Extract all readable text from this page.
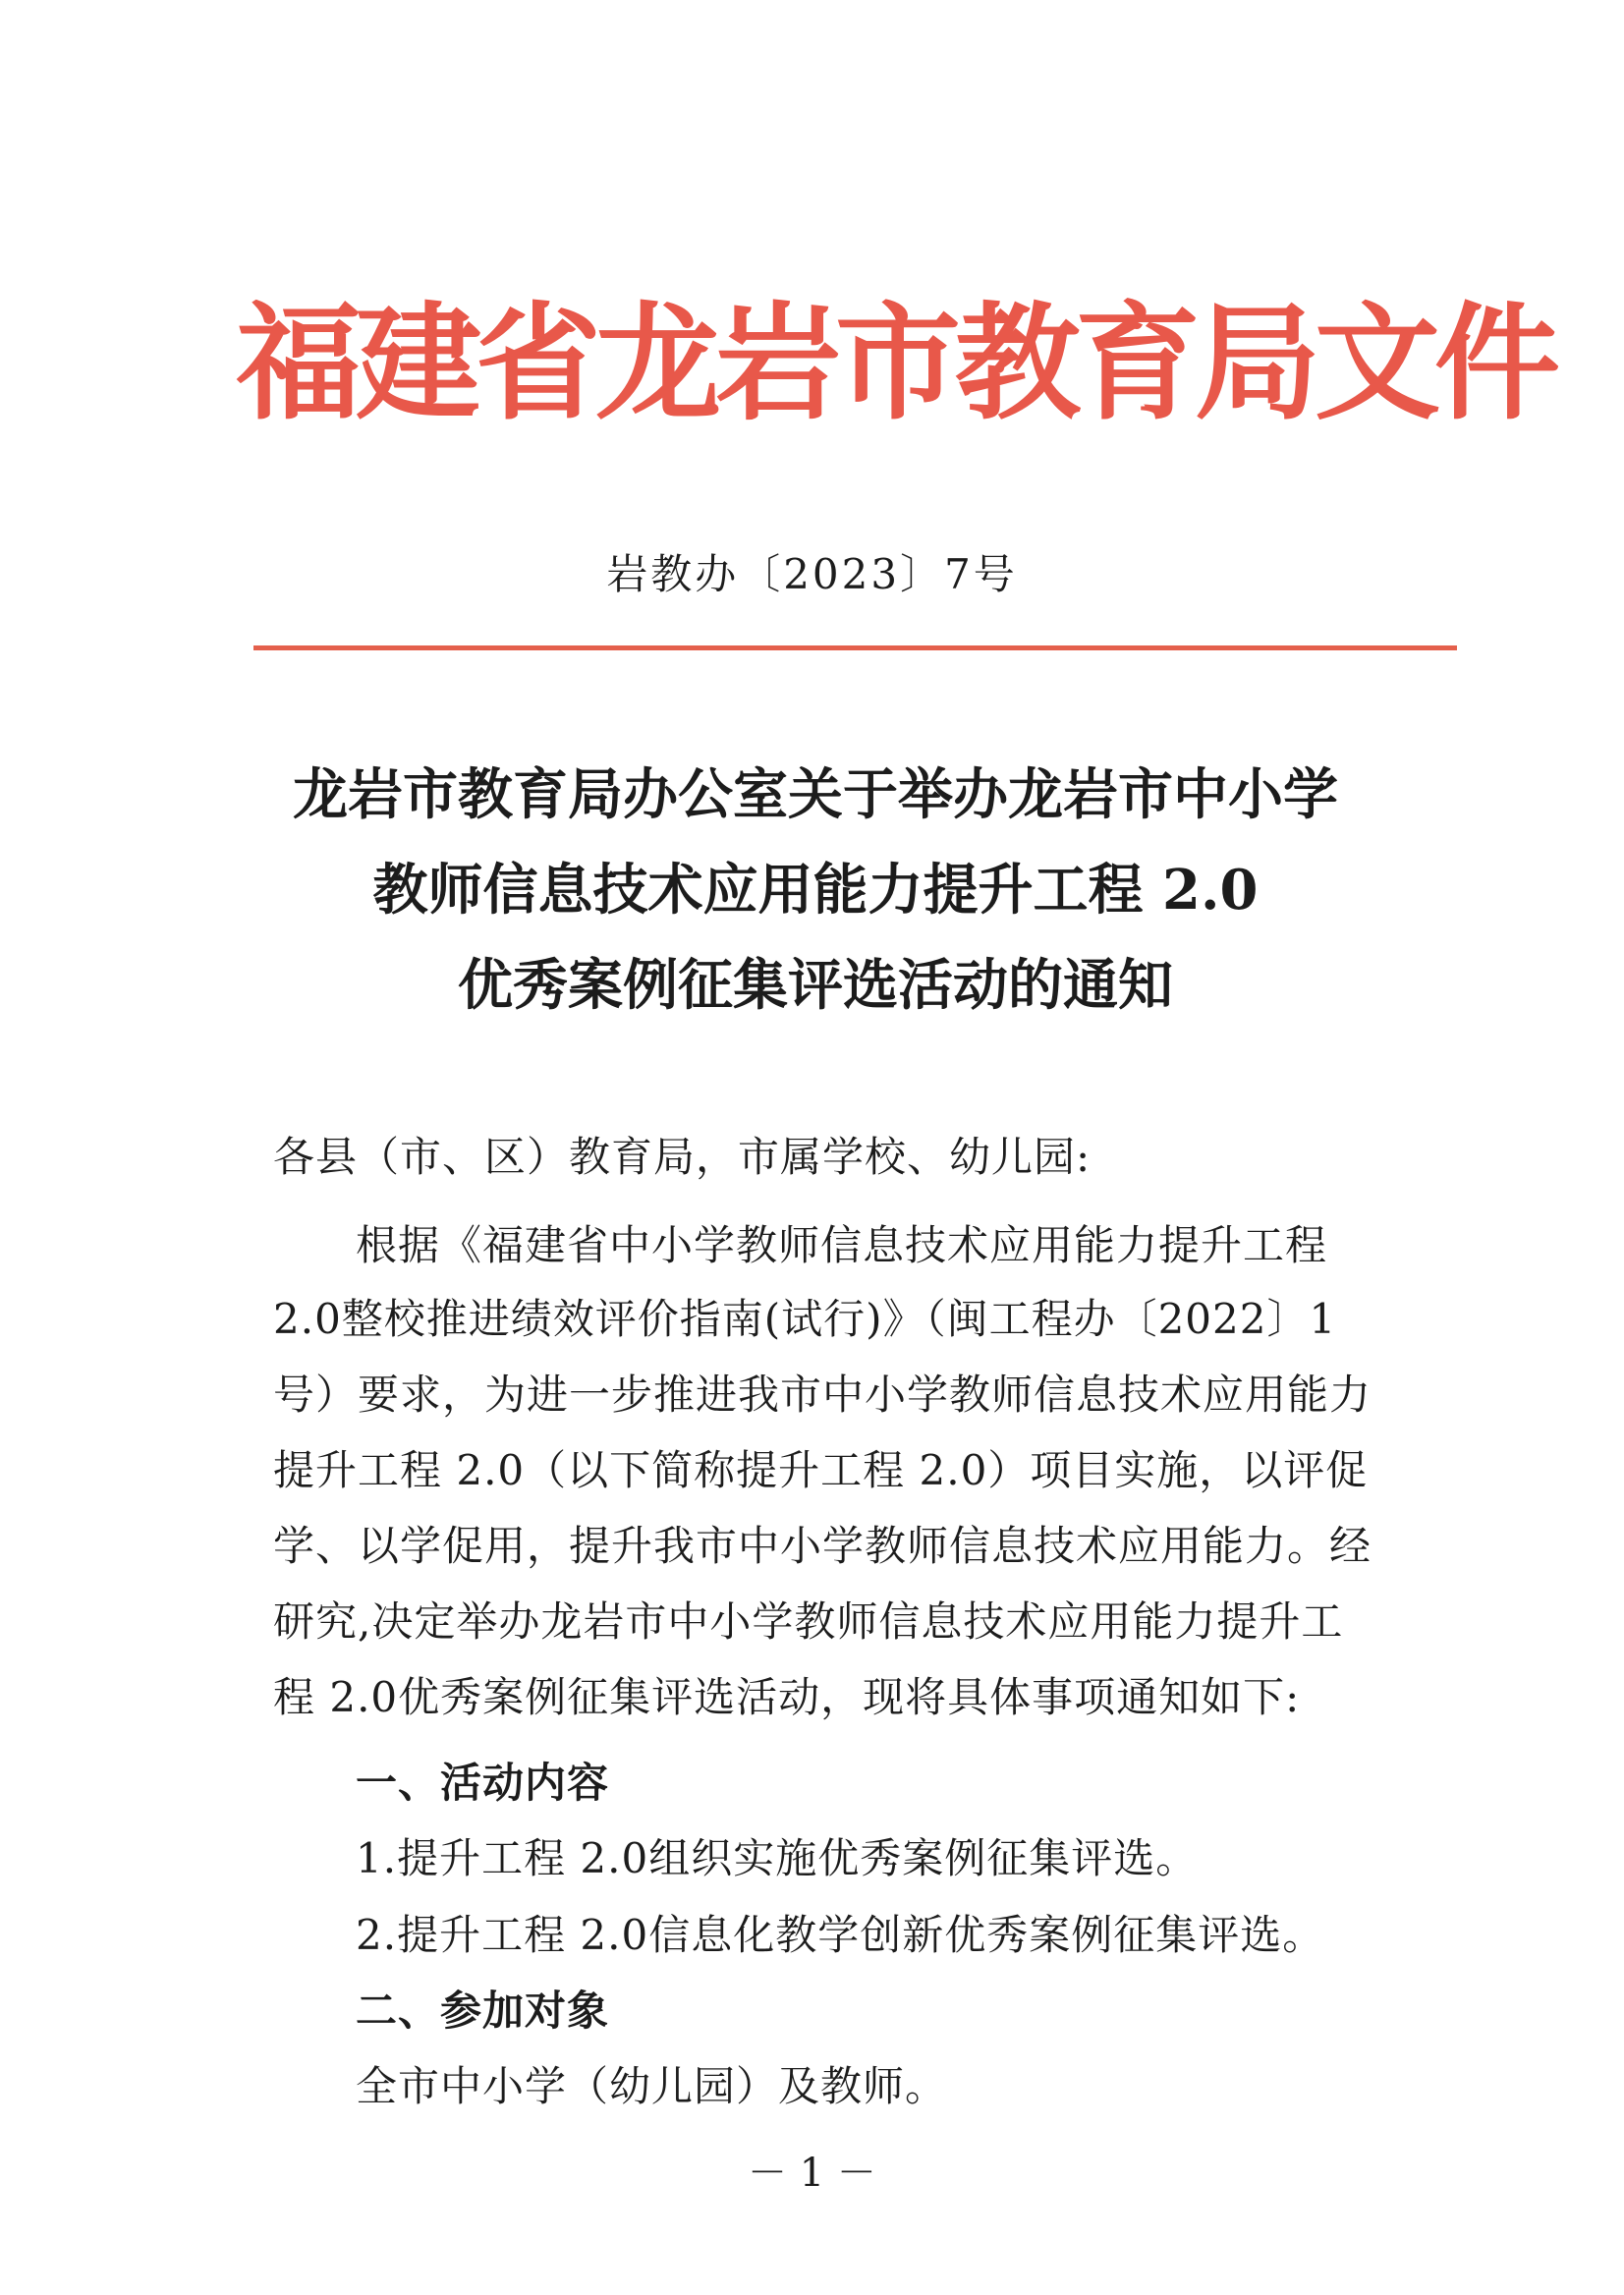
福建省龙岩市教育局文件
岩教办〔2023〕7号
龙岩市教育局办公室关于举办龙岩市中小学
教师信息技术应用能力提升工程 2.0
优秀案例征集评选活动的通知
各县（市、区）教育局，市属学校、幼儿园:
根据《福建省中小学教师信息技术应用能力提升工程
2.0整校推进绩效评价指南(试行)》（闽工程办〔2022〕1
号）要求，为进一步推进我市中小学教师信息技术应用能力
提升工程 2.0（以下简称提升工程 2.0）项目实施，以评促
学、以学促用，提升我市中小学教师信息技术应用能力。经
研究,决定举办龙岩市中小学教师信息技术应用能力提升工
程 2.0优秀案例征集评选活动，现将具体事项通知如下:
一、活动内容
1.提升工程 2.0组织实施优秀案例征集评选。
2.提升工程 2.0信息化教学创新优秀案例征集评选。
二、参加对象
全市中小学（幼儿园）及教师。
－ 1 －
